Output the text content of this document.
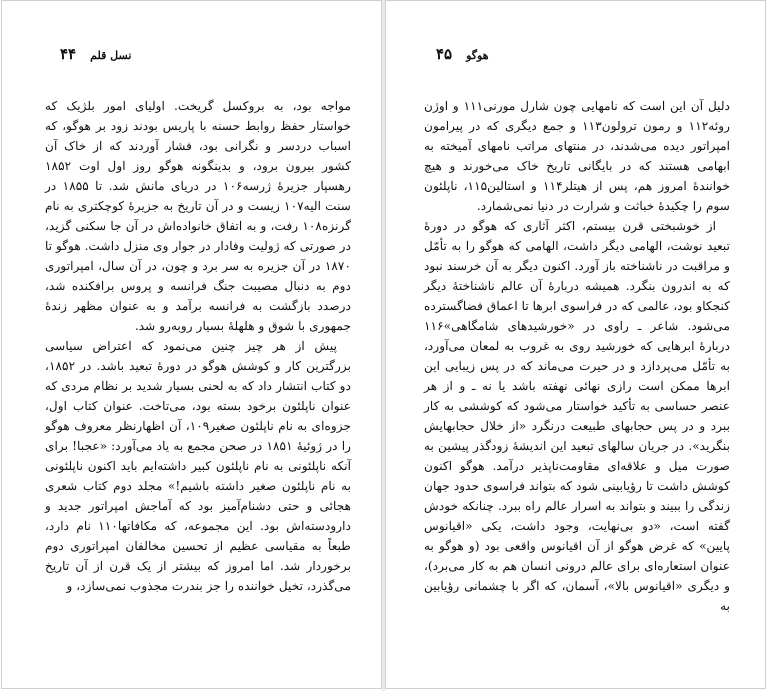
۴۴ نسل قلم

مواجه بود، به بروکسل گریخت. اولیای امور بلژیک که خواستار حفظ روابط حسنه با پاریس بودند زود بر هوگو، که اسباب دردسر و نگرانی بود، فشار آوردند که از خاک آن کشور بیرون برود، و بدینگونه هوگو روز اول اوت ۱۸۵۲ رهسپار جزیرهٔ ژرسه۱۰۶ در دریای مانش شد. تا ۱۸۵۵ در سنت الیه۱۰۷ زیست و در آن تاریخ به جزیرهٔ کوچکتری به نام گرنزه۱۰۸ رفت، و به اتفاق خانواده‌اش در آن جا سکنی گزید، در صورتی که ژولیت وفادار در جوار وی منزل داشت. هوگو تا ۱۸۷۰ در آن جزیره به سر برد و چون، در آن سال، امپراتوری دوم به دنبال مصیبت جنگ فرانسه و پروس برافکنده شد، درصدد بازگشت به فرانسه برآمد و به عنوان مظهر زندهٔ جمهوری با شوق و هلهلهٔ بسیار روبه‌رو شد.

پیش از هر چیز چنین می‌نمود که اعتراض سیاسی بزرگترین کار و کوشش هوگو در دورهٔ تبعید باشد. در ۱۸۵۲، دو کتاب انتشار داد که به لحنی بسیار شدید بر نظام مردی که عنوان ناپلئون برخود بسته بود، می‌تاخت. عنوان کتاب اول، جزوه‌ای به نام ناپلئون صغیر۱۰۹، آن اظهارنظر معروف هوگو را در ژوئیهٔ ۱۸۵۱ در صحن مجمع به یاد می‌آورد: «عجبا! برای آنکه ناپلئونی به نام ناپلئون کبیر داشته‌ایم باید اکنون ناپلئونی به نام ناپلئون صغیر داشته باشیم!» مجلد دوم کتاب شعری هجائی و حتی دشنام‌آمیز بود که آماجش امپراتور جدید و دارودسته‌اش بود. این مجموعه، که مکافاتها۱۱۰ نام دارد، طبعاً به مقیاسی عظیم از تحسین مخالفان امپراتوری دوم برخوردار شد. اما امروز که بیشتر از یک قرن از آن تاریخ می‌گذرد، تخیل خواننده را جز بندرت مجذوب نمی‌سازد، و

۴۵ هوگو

دلیل آن این است که نامهایی چون شارل مورنی۱۱۱ و اوژن روئه۱۱۲ و رمون ترولون۱۱۳ و جمع دیگری که در پیرامون امپراتور دیده می‌شدند، در منتهای مراتب نامهای آمیخته به ابهامی هستند که در بایگانی تاریخ خاک می‌خورند و هیچ خوانندهٔ امروز هم، پس از هیتلر۱۱۴ و استالین۱۱۵، ناپلئون سوم را چکیدهٔ خباثت و شرارت در دنیا نمی‌شمارد.

از خوشبختی قرن بیستم، اکثر آثاری که هوگو در دورهٔ تبعید نوشت، الهامی دیگر داشت، الهامی که هوگو را به تأمّل و مراقبت در ناشناخته باز آورد. اکنون دیگر به آن خرسند نبود که به اندرون بنگرد. همیشه دربارهٔ آن عالم ناشناختهٔ دیگر کنجکاو بود، عالمی که در فراسوی ابرها تا اعماق فضاگسترده می‌شود. شاعر ـ راوی در «خورشیدهای شامگاهی»۱۱۶ دربارهٔ ابرهایی که خورشید روی به غروب به لمعان می‌آورد، به تأمّل می‌پردازد و در حیرت می‌ماند که در پس زیبایی این ابرها ممکن است رازی نهائی نهفته باشد یا نه ـ و از هر عنصر حساسی به تأکید خواستار می‌شود که کوششی به کار ببرد و در پس حجابهای طبیعت درنگرد «از خلال حجابهایش بنگرید». در جریان سالهای تبعید این اندیشهٔ زودگذر پیشین به صورت میل و علاقه‌ای مقاومت‌ناپذیر درآمد. هوگو اکنون کوشش داشت تا رؤیابینی شود که بتواند فراسوی حدود جهان زندگی را ببیند و بتواند به اسرار عالم راه ببرد. چنانکه خودش گفته است، «دو بی‌نهایت، وجود داشت، یکی «اقیانوس پایین» که غرض هوگو از آن اقیانوس واقعی بود (و هوگو به عنوان استعاره‌ای برای عالم درونی انسان هم به کار می‌برد)، و دیگری «اقیانوس بالا»، آسمان، که اگر با چشمانی رؤیابین به
